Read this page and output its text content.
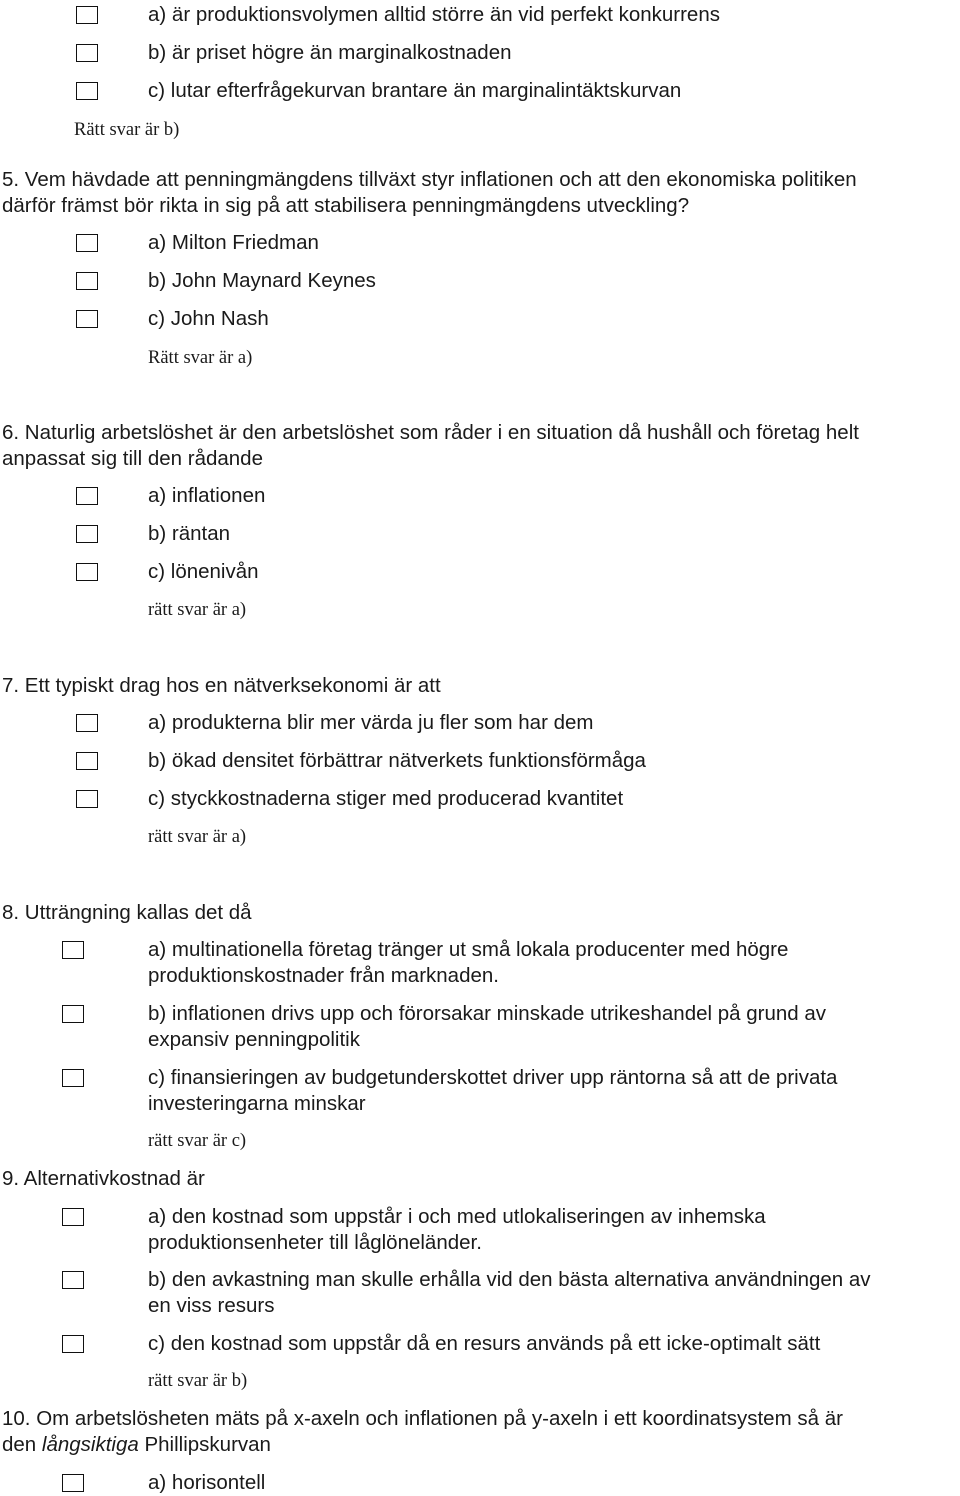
a) är produktionsvolymen alltid större än vid perfekt konkurrens
b) är priset högre än marginalkostnaden
c) lutar efterfrågekurvan brantare än marginalintäktskurvan
Rätt svar är b)
5. Vem hävdade att penningmängdens tillväxt styr inflationen och att den ekonomiska politiken
därför främst bör rikta in sig på att stabilisera penningmängdens utveckling?
a) Milton Friedman
b) John Maynard Keynes
c) John Nash
Rätt svar är a)
6. Naturlig arbetslöshet är den arbetslöshet som råder i en situation då hushåll och företag helt
anpassat sig till den rådande
a) inflationen
b) räntan
c) lönenivån
rätt svar är a)
7. Ett typiskt drag hos en nätverksekonomi är att
a) produkterna blir mer värda ju fler som har dem
b) ökad densitet förbättrar nätverkets funktionsförmåga
c) styckkostnaderna stiger med producerad kvantitet
rätt svar är a)
8. Utträngning kallas det då
a) multinationella företag tränger ut små lokala producenter med högre
produktionskostnader från marknaden.
b) inflationen drivs upp och förorsakar minskade utrikeshandel på grund av
expansiv penningpolitik
c) finansieringen av budgetunderskottet driver upp räntorna så att de privata
investeringarna minskar
rätt svar är c)
9. Alternativkostnad är
a) den kostnad som uppstår i och med utlokaliseringen av inhemska
produktionsenheter till låglöneländer.
b) den avkastning man skulle erhålla vid den bästa alternativa användningen av
en viss resurs
c) den kostnad som uppstår då en resurs används på ett icke-optimalt sätt
rätt svar är b)
10. Om arbetslösheten mäts på x-axeln och inflationen på y-axeln i ett koordinatsystem så är
den långsiktiga Phillipskurvan
a) horisontell
